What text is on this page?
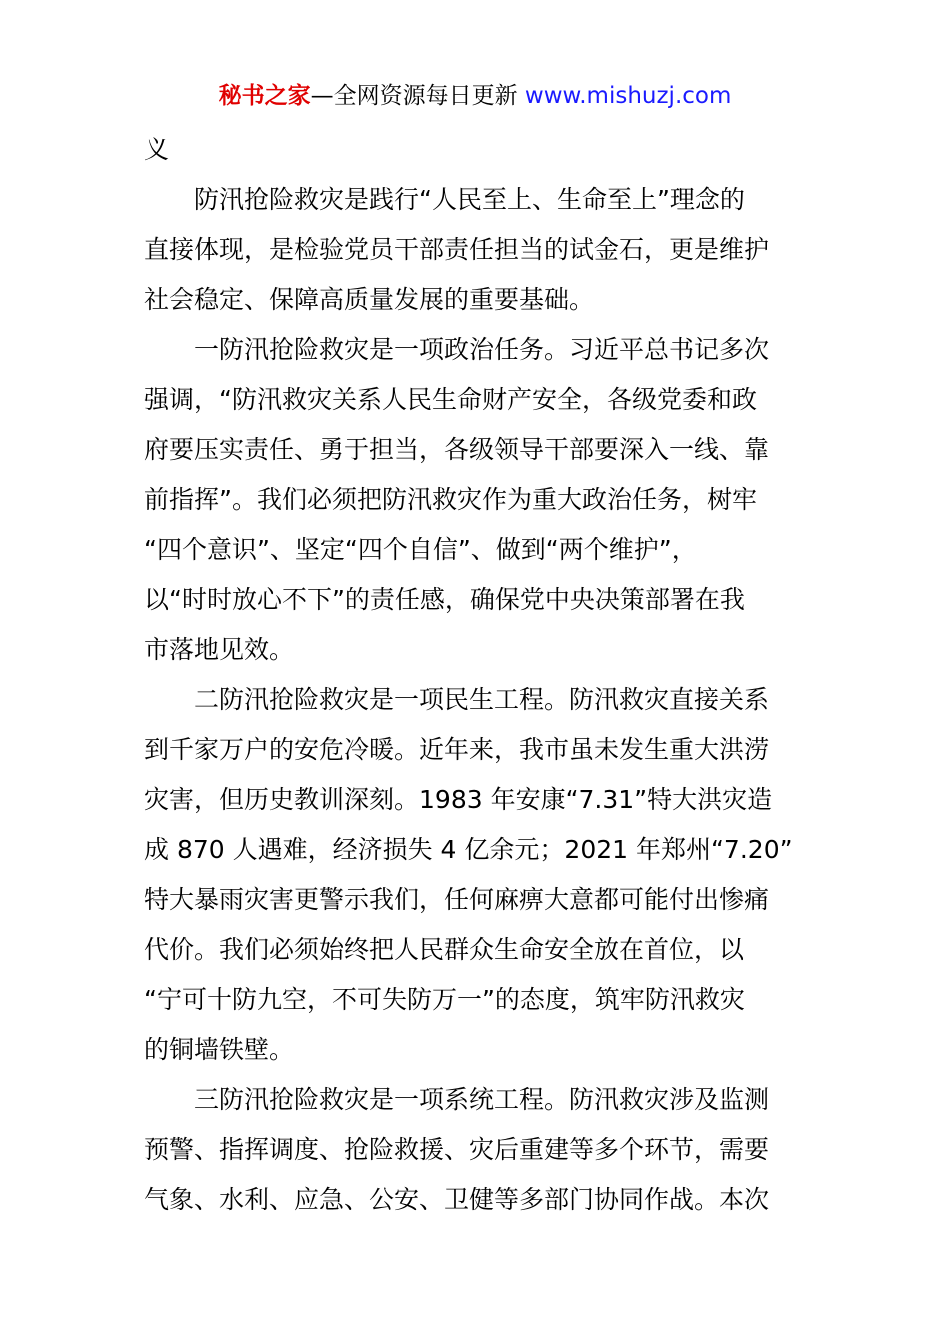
秘书之家—全网资源每日更新 www.mishuzj.com
义
　　防汛抢险救灾是践行“人民至上、生命至上”理念的
直接体现，是检验党员干部责任担当的试金石，更是维护
社会稳定、保障高质量发展的重要基础。
　　一防汛抢险救灾是一项政治任务。习近平总书记多次
强调，“防汛救灾关系人民生命财产安全，各级党委和政
府要压实责任、勇于担当，各级领导干部要深入一线、靠
前指挥”。我们必须把防汛救灾作为重大政治任务，树牢
“四个意识”、坚定“四个自信”、做到“两个维护”，
以“时时放心不下”的责任感，确保党中央决策部署在我
市落地见效。
　　二防汛抢险救灾是一项民生工程。防汛救灾直接关系
到千家万户的安危冷暖。近年来，我市虽未发生重大洪涝
灾害，但历史教训深刻。1983 年安康“7.31”特大洪灾造
成 870 人遇难，经济损失 4 亿余元；2021 年郑州“7.20”
特大暴雨灾害更警示我们，任何麻痹大意都可能付出惨痛
代价。我们必须始终把人民群众生命安全放在首位，以
“宁可十防九空，不可失防万一”的态度，筑牢防汛救灾
的铜墙铁壁。
　　三防汛抢险救灾是一项系统工程。防汛救灾涉及监测
预警、指挥调度、抢险救援、灾后重建等多个环节，需要
气象、水利、应急、公安、卫健等多部门协同作战。本次
